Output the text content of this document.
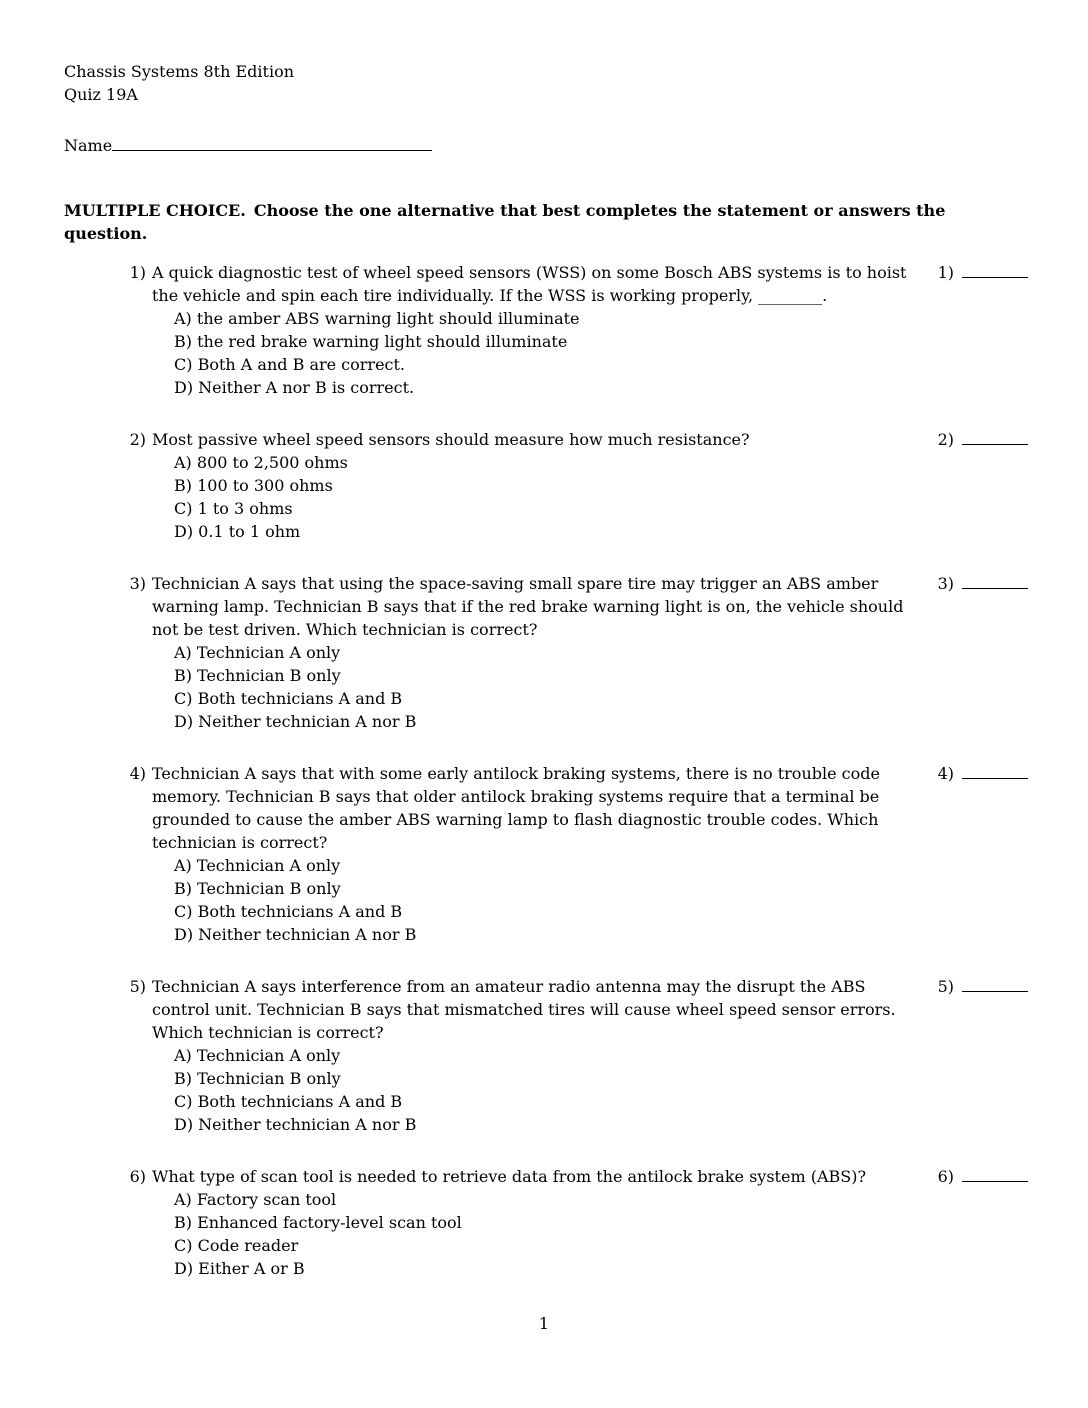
Chassis Systems 8th Edition
Quiz 19A
Name
MULTIPLE CHOICE. Choose the one alternative that best completes the statement or answers the question.
1) A quick diagnostic test of wheel speed sensors (WSS) on some Bosch ABS systems is to hoist the vehicle and spin each tire individually. If the WSS is working properly, ________.
A) the amber ABS warning light should illuminate
B) the red brake warning light should illuminate
C) Both A and B are correct.
D) Neither A nor B is correct.
1)
2) Most passive wheel speed sensors should measure how much resistance?
A) 800 to 2,500 ohms
B) 100 to 300 ohms
C) 1 to 3 ohms
D) 0.1 to 1 ohm
2)
3) Technician A says that using the space-saving small spare tire may trigger an ABS amber warning lamp. Technician B says that if the red brake warning light is on, the vehicle should not be test driven. Which technician is correct?
A) Technician A only
B) Technician B only
C) Both technicians A and B
D) Neither technician A nor B
3)
4) Technician A says that with some early antilock braking systems, there is no trouble code memory. Technician B says that older antilock braking systems require that a terminal be grounded to cause the amber ABS warning lamp to flash diagnostic trouble codes. Which technician is correct?
A) Technician A only
B) Technician B only
C) Both technicians A and B
D) Neither technician A nor B
4)
5) Technician A says interference from an amateur radio antenna may the disrupt the ABS control unit. Technician B says that mismatched tires will cause wheel speed sensor errors. Which technician is correct?
A) Technician A only
B) Technician B only
C) Both technicians A and B
D) Neither technician A nor B
5)
6) What type of scan tool is needed to retrieve data from the antilock brake system (ABS)?
A) Factory scan tool
B) Enhanced factory-level scan tool
C) Code reader
D) Either A or B
6)
1
